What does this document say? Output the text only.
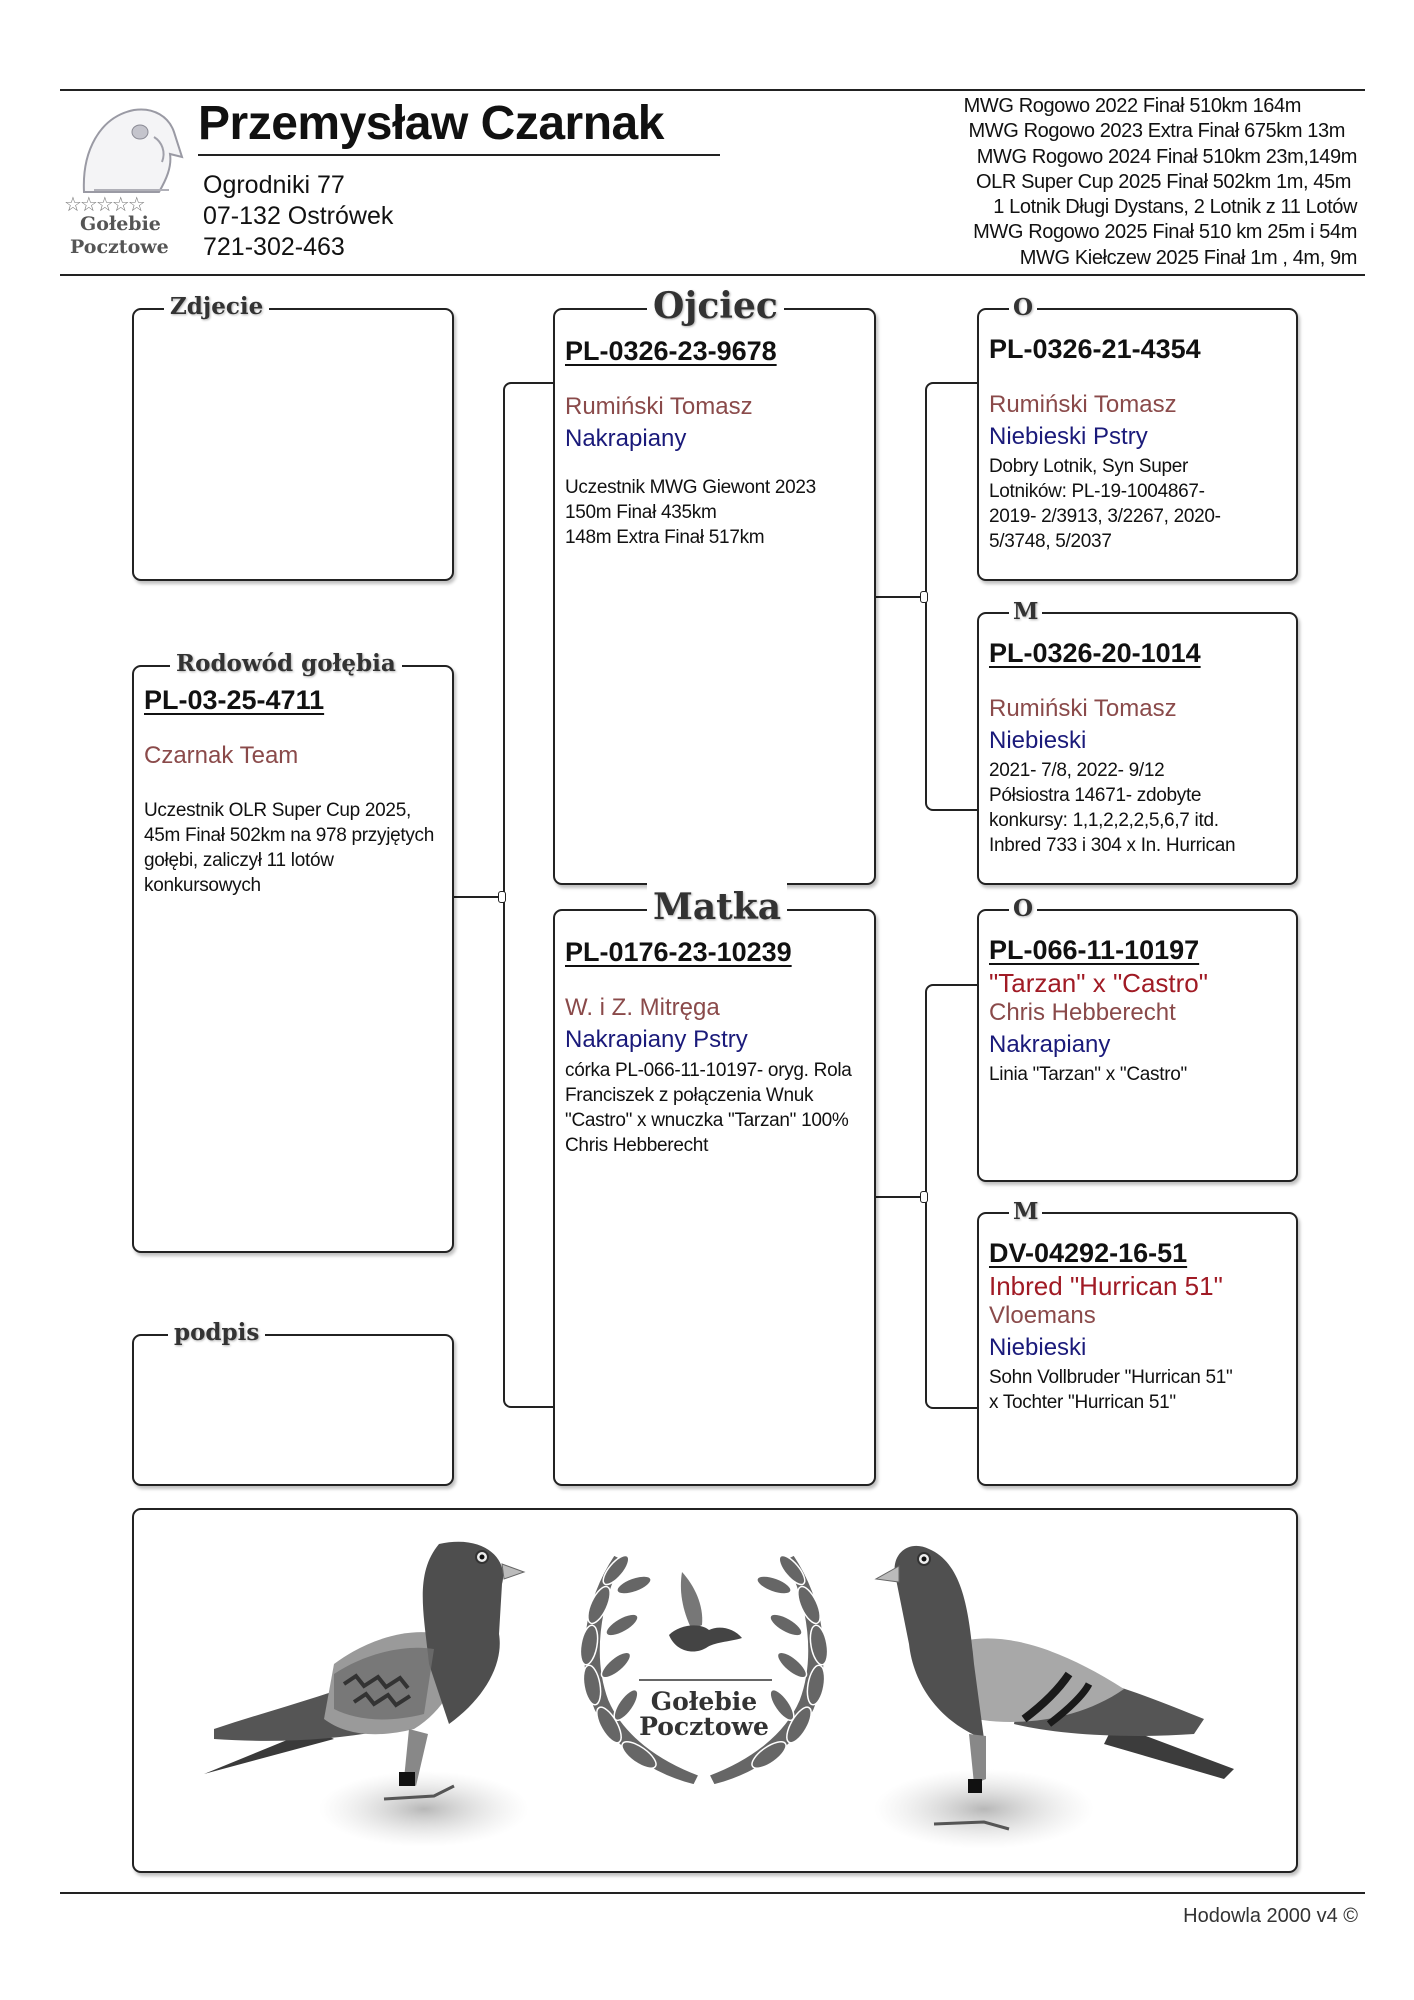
☆☆☆☆☆
Gołebie
Pocztowe
Przemysław Czarnak
Ogrodniki 77
07-132 Ostrówek
721-302-463
MWG Rogowo 2022 Finał 510km 164m
MWG Rogowo 2023 Extra Finał 675km 13m
MWG Rogowo 2024 Finał 510km 23m,149m
OLR Super Cup 2025 Finał 502km 1m, 45m
1 Lotnik Długi Dystans, 2 Lotnik z 11 Lotów
MWG Rogowo 2025 Finał 510 km 25m i 54m
MWG Kiełczew 2025 Finał 1m , 4m, 9m
Zdjecie
Rodowód gołębia
PL-03-25-4711
Czarnak Team
Uczestnik OLR Super Cup 2025, 45m Finał 502km na 978 przyjętych gołębi, zaliczył 11 lotów konkursowych
podpis
Ojciec
PL-0326-23-9678
Rumiński Tomasz
Nakrapiany
Uczestnik MWG Giewont 2023
150m Finał 435km
148m Extra Finał 517km
Matka
PL-0176-23-10239
W. i Z. Mitręga
Nakrapiany Pstry
córka PL-066-11-10197- oryg. Rola Franciszek z połączenia Wnuk "Castro" x wnuczka "Tarzan" 100% Chris Hebberecht
O
PL-0326-21-4354
Rumiński Tomasz
Niebieski Pstry
Dobry Lotnik, Syn Super Lotników: PL-19-1004867- 2019- 2/3913, 3/2267, 2020- 5/3748, 5/2037
M
PL-0326-20-1014
Rumiński Tomasz
Niebieski
2021- 7/8, 2022- 9/12
Półsiostra 14671- zdobyte
konkursy: 1,1,2,2,2,5,6,7 itd.
Inbred 733 i 304 x In. Hurrican
O
PL-066-11-10197
"Tarzan" x "Castro"
Chris Hebberecht
Nakrapiany
Linia "Tarzan" x "Castro"
M
DV-04292-16-51
Inbred "Hurrican 51"
Vloemans
Niebieski
Sohn Vollbruder "Hurrican 51"
x Tochter "Hurrican 51"
Gołebie
Pocztowe
Hodowla 2000 v4 ©
